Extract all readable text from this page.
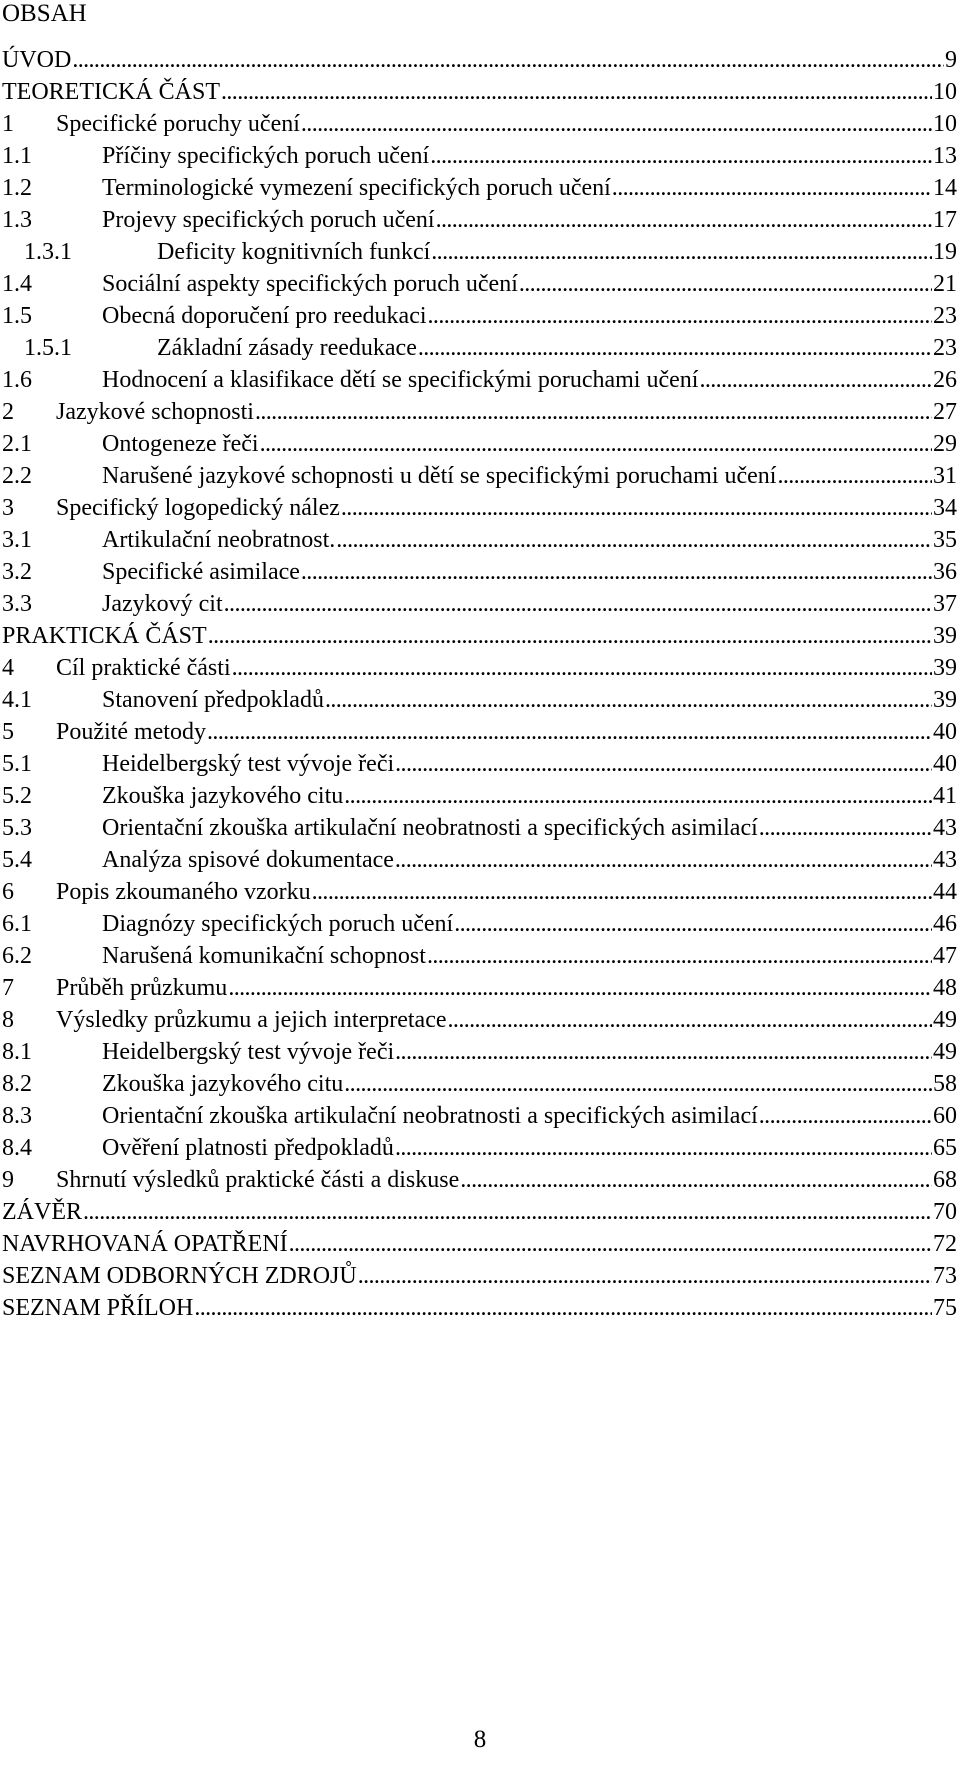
OBSAH
ÚVOD . . .	9
TEORETICKÁ ČÁST . . .	10
1 Specifické poruchy učení . . .	10
1.1	Příčiny specifických poruch učení . . .	13
1.2	Terminologické vymezení specifických poruch učení . . .	14
1.3	Projevy specifických poruch učení . . .	17
1.3.1	Deficity kognitivních funkcí . . .	19
1.4	Sociální aspekty specifických poruch učení . . .	21
1.5	Obecná doporučení pro reedukaci . . .	23
1.5.1	Základní zásady reedukace . . .	23
1.6	Hodnocení a klasifikace dětí se specifickými poruchami učení . . .	26
2 Jazykové schopnosti . . .	27
2.1	Ontogeneze řeči . . .	29
2.2	Narušené jazykové schopnosti u dětí se specifickými poruchami učení . . .	31
3 Specifický logopedický nález . . .	34
3.1	Artikulační neobratnost. . . .	35
3.2	Specifické asimilace . . .	36
3.3	Jazykový cit . . .	37
PRAKTICKÁ ČÁST . . .	39
4 Cíl praktické části . . .	39
4.1	Stanovení předpokladů . . .	39
5 Použité metody . . .	40
5.1	Heidelbergský test vývoje řeči . . .	40
5.2	Zkouška jazykového citu . . .	41
5.3	Orientační zkouška artikulační neobratnosti a specifických asimilací . . .	43
5.4	Analýza spisové dokumentace . . .	43
6 Popis zkoumaného vzorku . . .	44
6.1	Diagnózy specifických poruch učení . . .	46
6.2	Narušená komunikační schopnost . . .	47
7 Průběh průzkumu . . .	48
8 Výsledky průzkumu a jejich interpretace . . .	49
8.1	Heidelbergský test vývoje řeči . . .	49
8.2	Zkouška jazykového citu . . .	58
8.3	Orientační zkouška artikulační neobratnosti a specifických asimilací . . .	60
8.4	Ověření platnosti předpokladů . . .	65
9 Shrnutí výsledků praktické části a diskuse . . .	68
ZÁVĚR . . .	70
NAVRHOVANÁ OPATŘENÍ . . .	72
SEZNAM ODBORNÝCH ZDROJŮ . . .	73
SEZNAM PŘÍLOH . . .	75
8
